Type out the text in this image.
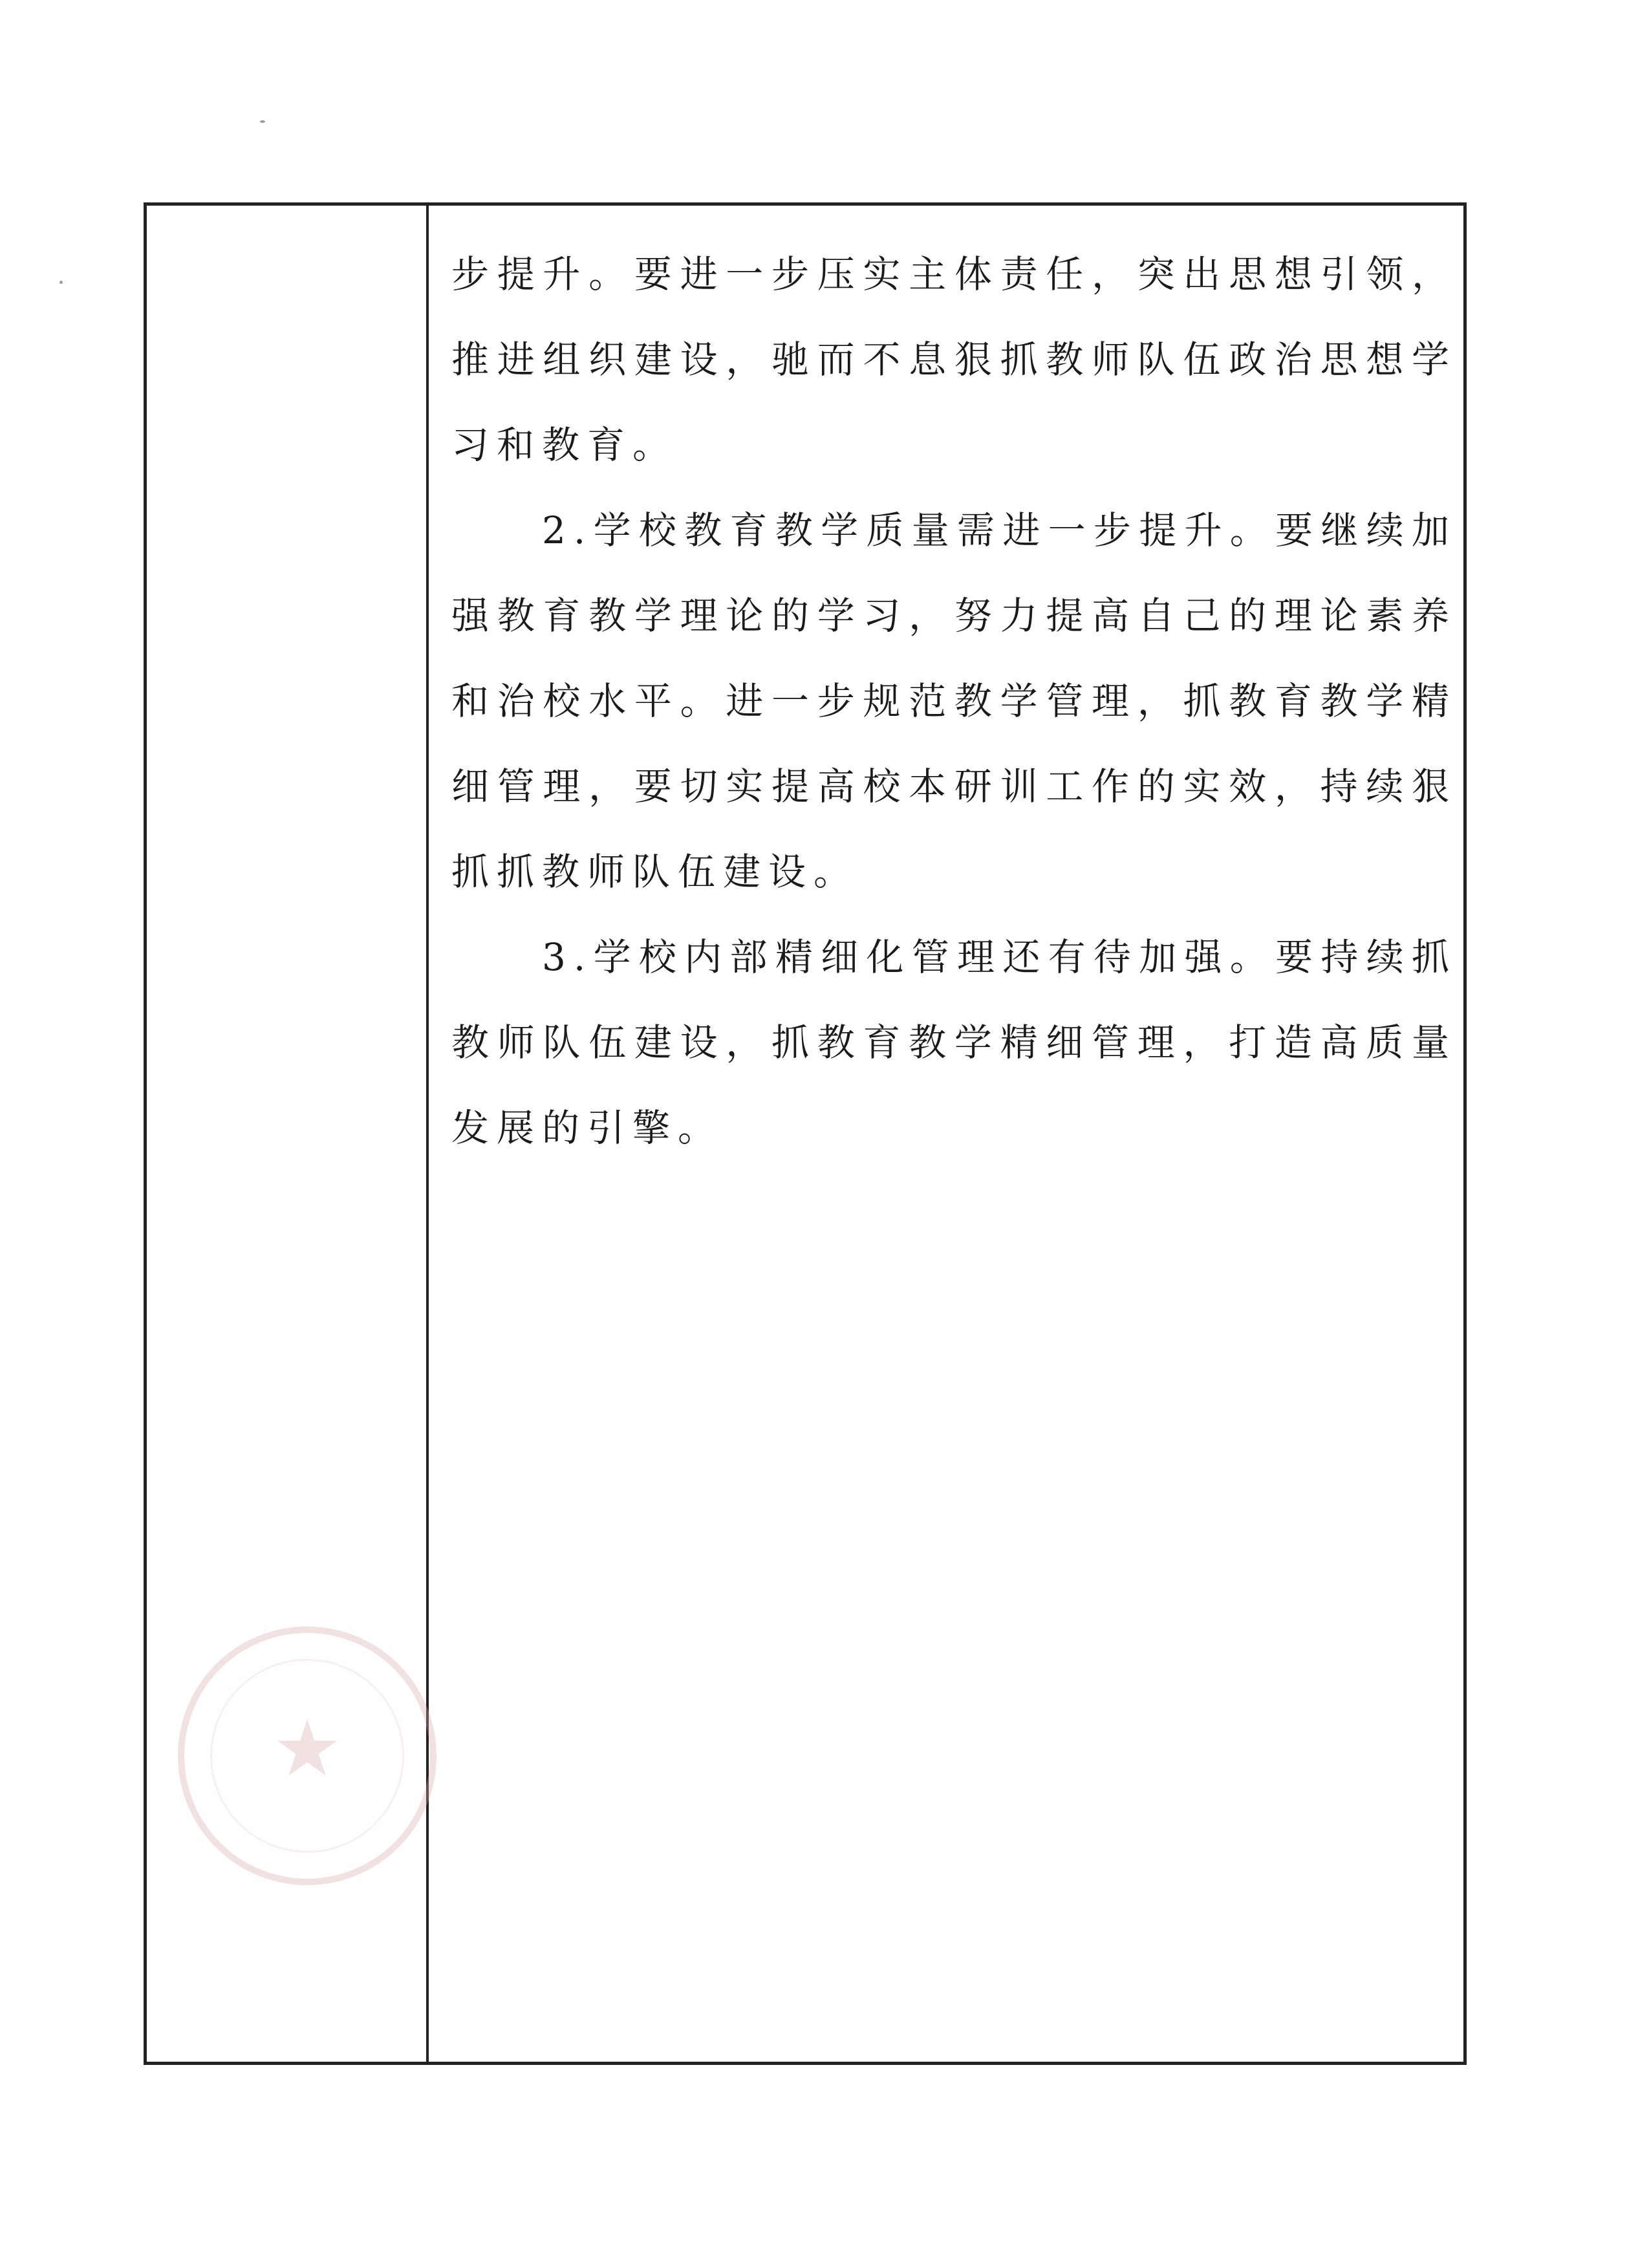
步提升。要进一步压实主体责任，突出思想引领，推进组织建设，驰而不息狠抓教师队伍政治思想学习和教育。

2.学校教育教学质量需进一步提升。要继续加强教育教学理论的学习，努力提高自己的理论素养和治校水平。进一步规范教学管理，抓教育教学精细管理，要切实提高校本研训工作的实效，持续狠抓抓教师队伍建设。

3.学校内部精细化管理还有待加强。要持续抓教师队伍建设，抓教育教学精细管理，打造高质量发展的引擎。

★
